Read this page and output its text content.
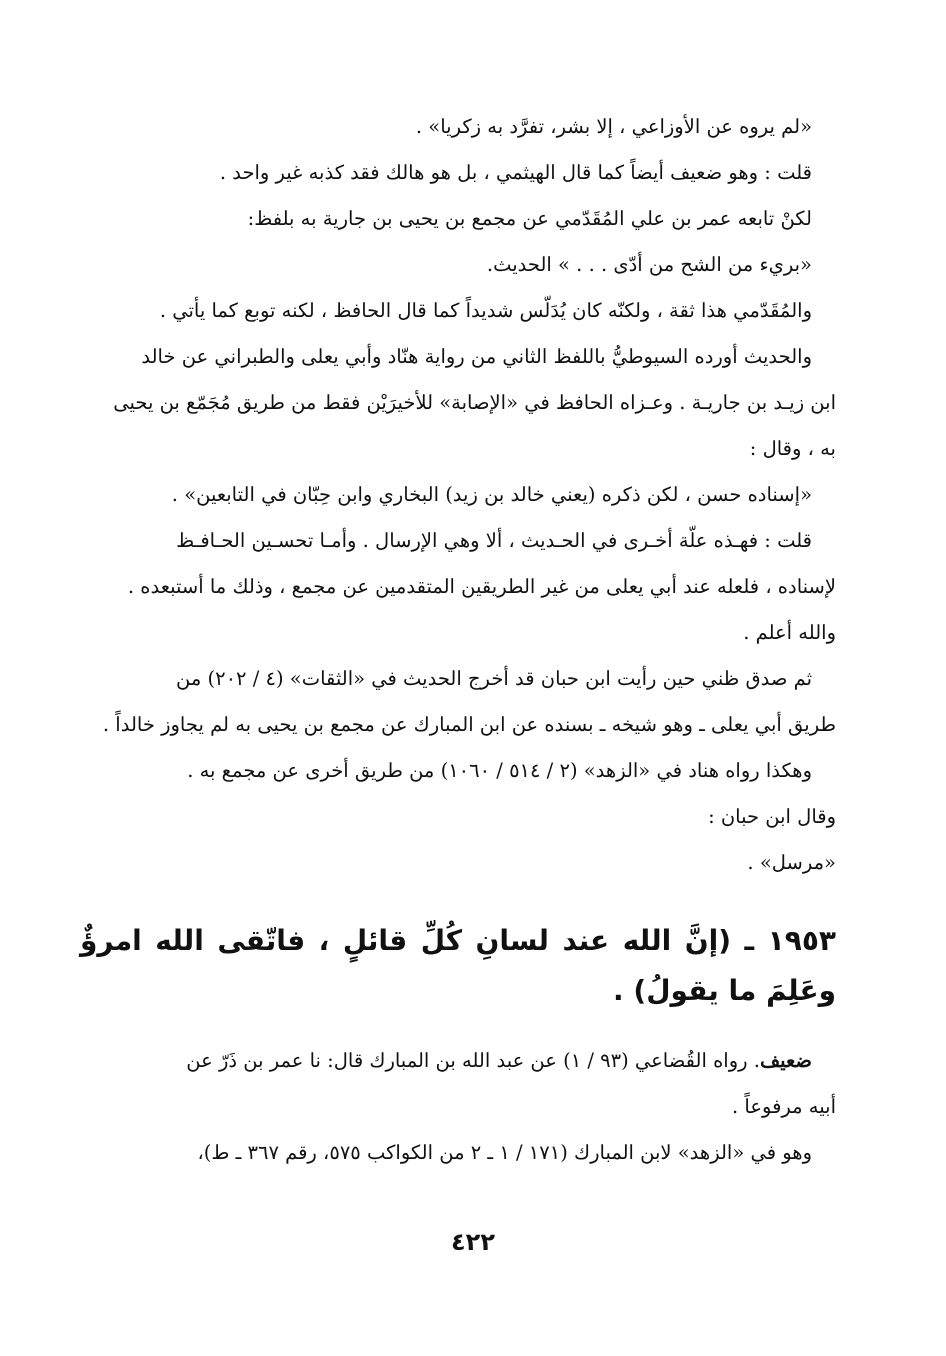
«لم يروه عن الأوزاعي ، إلا بشر، تفرَّد به زكريا» .

قلت : وهو ضعيف أيضاً كما قال الهيثمي ، بل هو هالك فقد كذبه غير واحد .

لكنْ تابعه عمر بن علي المُقَدّمي عن مجمع بن يحيى بن جارية به بلفظ:

«بريء من الشح من أدّى . . . » الحديث.

والمُقَدّمي هذا ثقة ، ولكنّه كان يُدَلّس شديداً كما قال الحافظ ، لكنه توبع كما يأتي .

والحديث أورده السيوطيُّ باللفظ الثاني من رواية هنّاد وأبي يعلى والطبراني عن خالد

ابن زيـد بن جاريـة . وعـزاه الحافظ في «الإصابة» للأخيرَيْن فقط من طريق مُجَمّع بن يحيى

به ، وقال :

«إسناده حسن ، لكن ذكره (يعني خالد بن زيد) البخاري وابن حِبّان في التابعين» .

قلت : فهـذه علّة أخـرى في الحـديث ، ألا وهي الإرسال . وأمـا تحسـين الحـافـظ

لإسناده ، فلعله عند أبي يعلى من غير الطريقين المتقدمين عن مجمع ، وذلك ما أستبعده .

والله أعلم .

ثم صدق ظني حين رأيت ابن حبان قد أخرج الحديث في «الثقات» (٤ / ٢٠٢) من

طريق أبي يعلى ـ وهو شيخه ـ بسنده عن ابن المبارك عن مجمع بن يحيى به لم يجاوز خالداً .

وهكذا رواه هناد في «الزهد» (٢ / ٥١٤ / ١٠٦٠) من طريق أخرى عن مجمع به .

وقال ابن حبان :

«مرسل» .

١٩٥٣ ـ (إنَّ الله عند لسانِ كُلِّ قائلٍ ، فاتّقى الله امرؤٌ وعَلِمَ ما يقولُ) .

ضعيف
. رواه القُضاعي (٩٣ / ١) عن عبد الله بن المبارك قال: نا عمر بن ذَرّ عن

أبيه مرفوعاً .

وهو في «الزهد» لابن المبارك (١٧١ / ١ ـ ٢ من الكواكب ٥٧٥، رقم ٣٦٧ ـ ط)،

٤٢٢
